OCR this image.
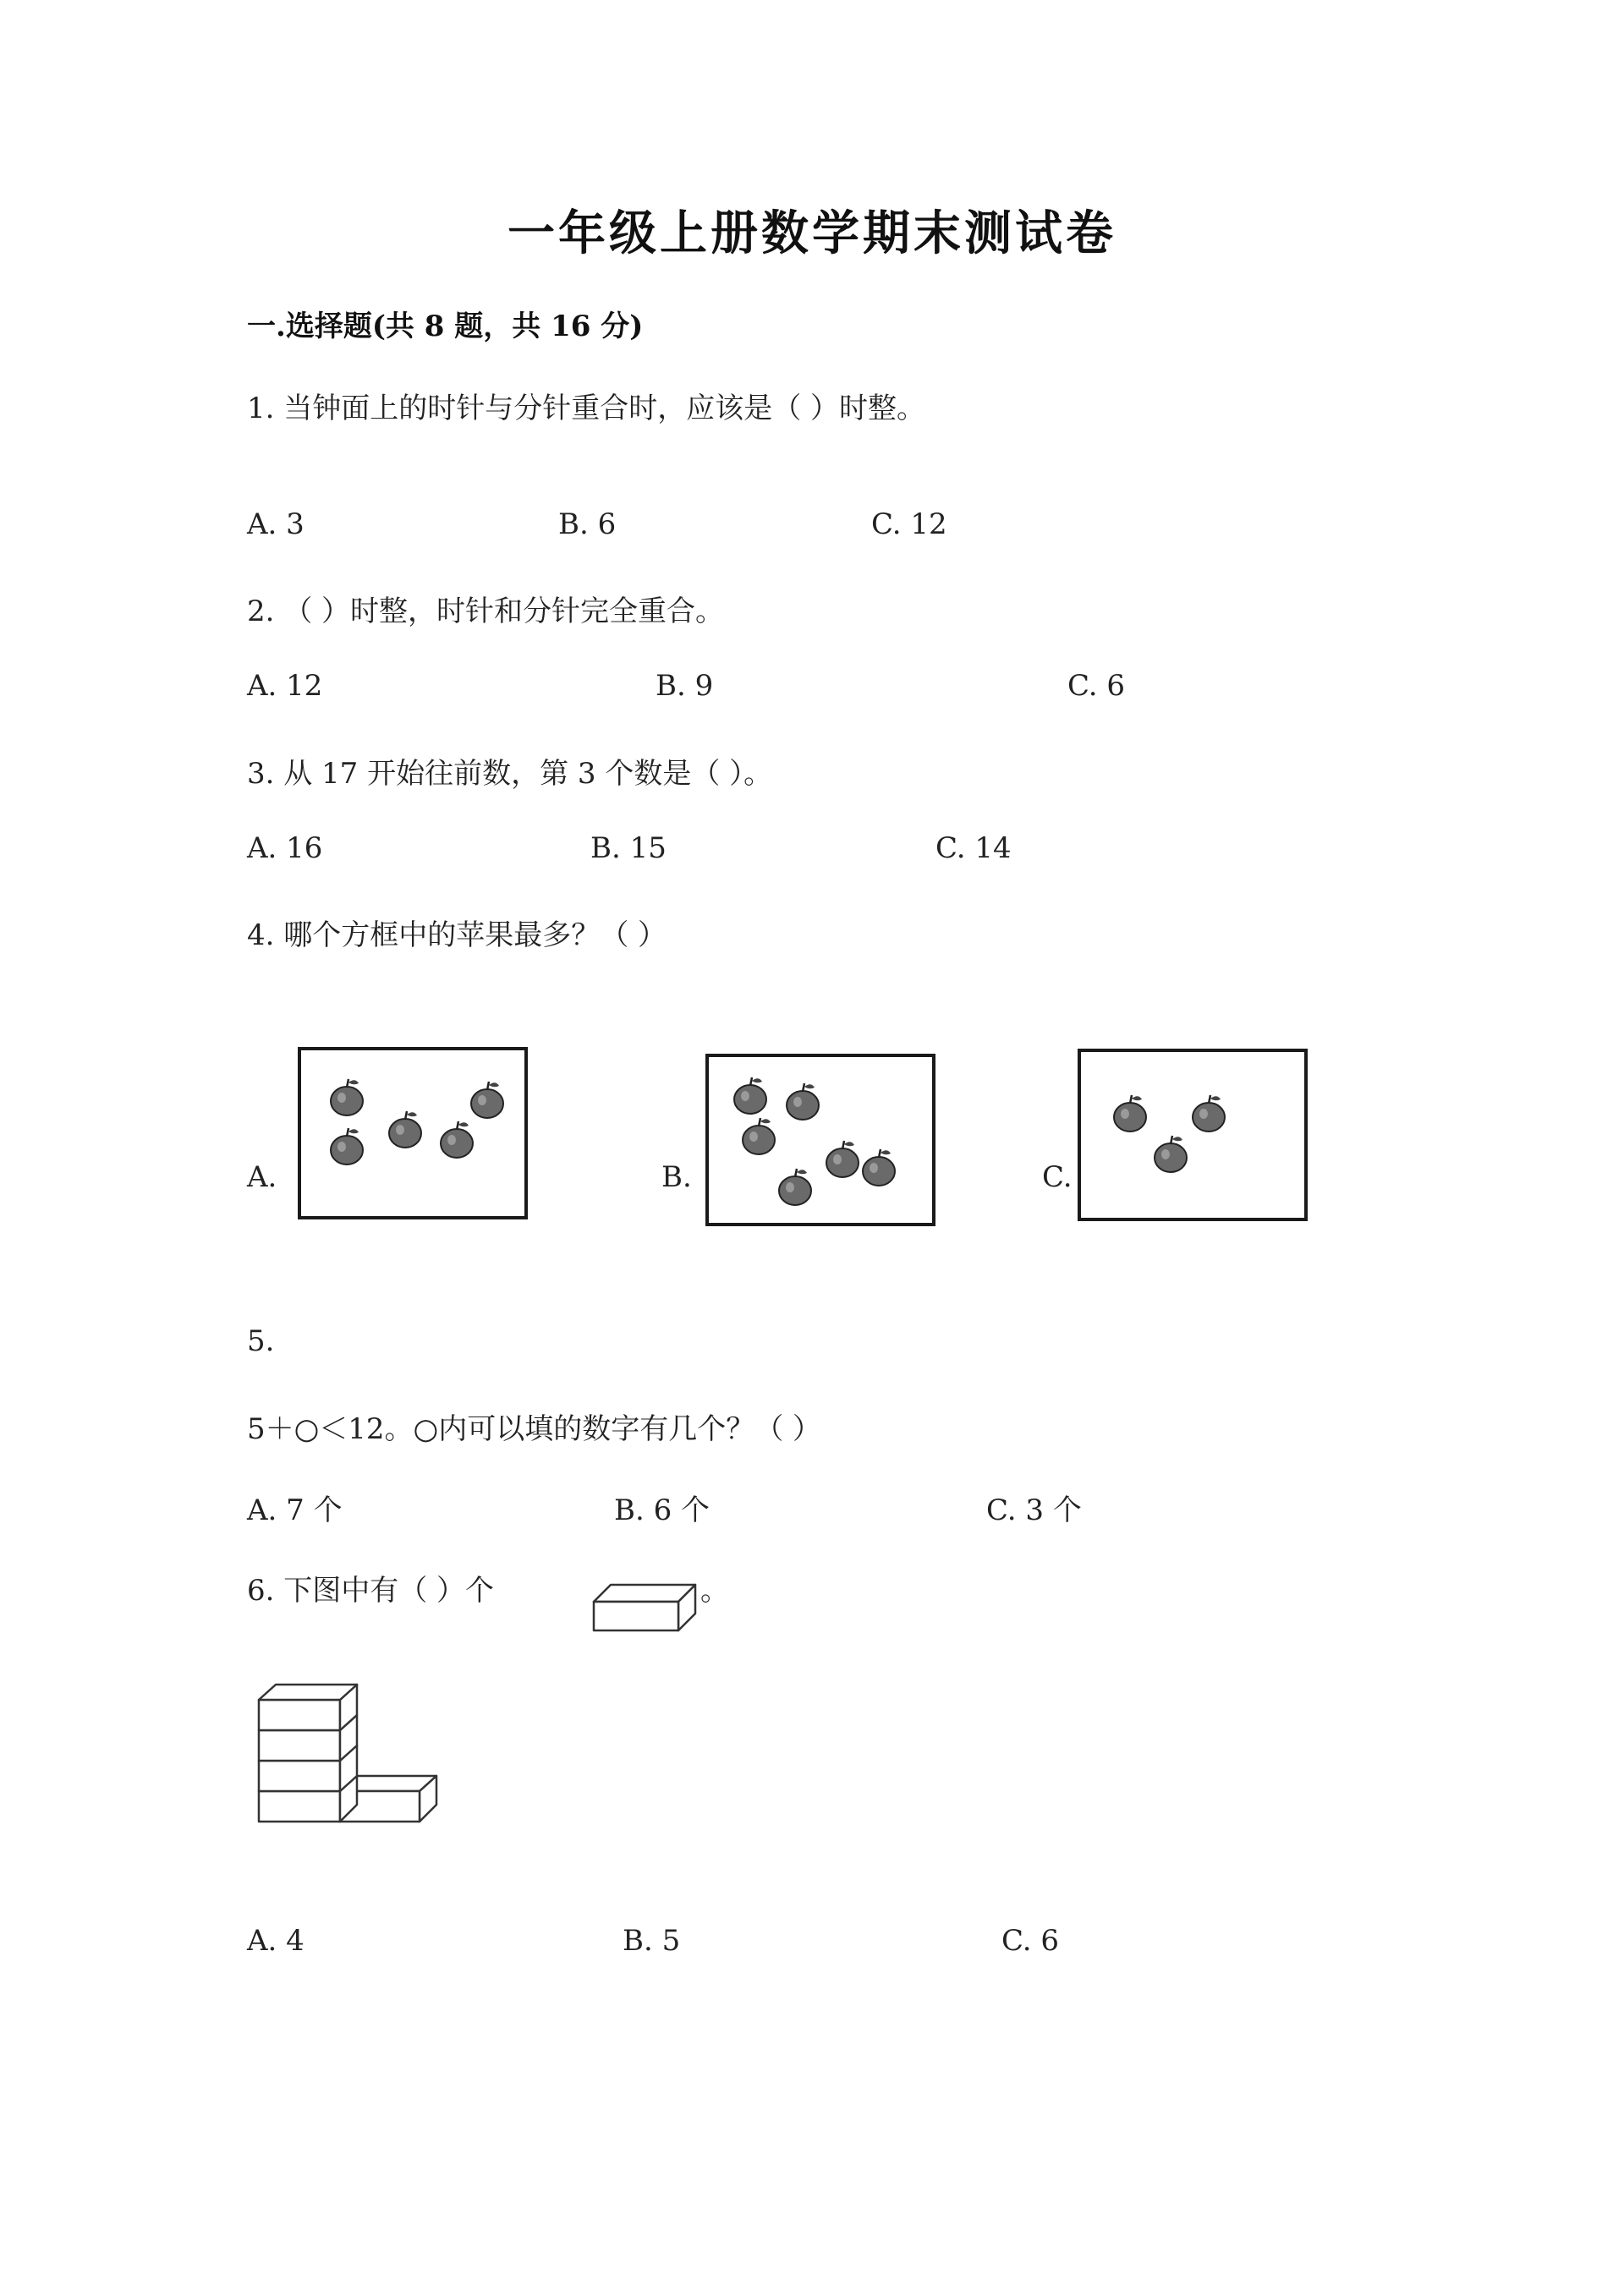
一年级上册数学期末测试卷
一.选择题(共 8 题，共 16 分)
1. 当钟面上的时针与分针重合时，应该是（ ）时整。
A. 3	B. 6	C. 12
2. （ ）时整，时针和分针完全重合。
A. 12	B. 9	C. 6
3. 从 17 开始往前数，第 3 个数是（ ）。
A. 16	B. 15	C. 14
4. 哪个方框中的苹果最多？（ ）
A.	B.	C.
5.
5＋○＜12。○内可以填的数字有几个？（ ）
A. 7 个	B. 6 个	C. 3 个
6. 下图中有（ ）个	。
A. 4	B. 5	C. 6
